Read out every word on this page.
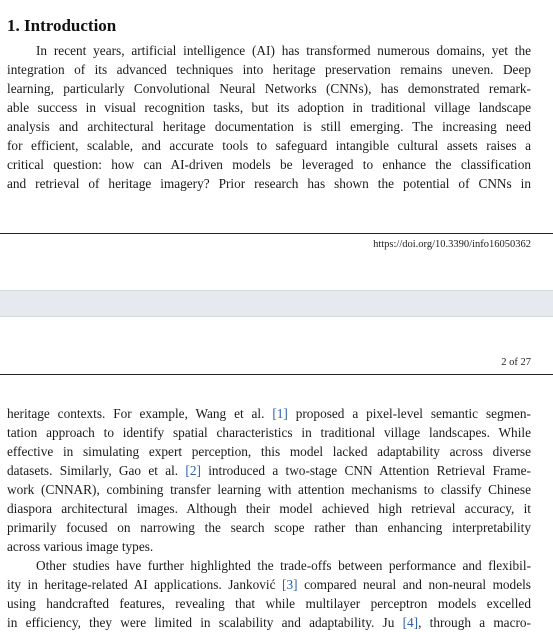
1. Introduction

In recent years, artificial intelligence (AI) has transformed numerous domains, yet the
integration of its advanced techniques into heritage preservation remains uneven. Deep
learning, particularly Convolutional Neural Networks (CNNs), has demonstrated remark-
able success in visual recognition tasks, but its adoption in traditional village landscape
analysis and architectural heritage documentation is still emerging. The increasing need
for efficient, scalable, and accurate tools to safeguard intangible cultural assets raises a
critical question: how can AI-driven models be leveraged to enhance the classification
and retrieval of heritage imagery? Prior research has shown the potential of CNNs in

https://doi.org/10.3390/info16050362
2 of 27

heritage contexts. For example, Wang et al. [1] proposed a pixel-level semantic segmen-
tation approach to identify spatial characteristics in traditional village landscapes. While
effective in simulating expert perception, this model lacked adaptability across diverse
datasets. Similarly, Gao et al. [2] introduced a two-stage CNN Attention Retrieval Frame-
work (CNNAR), combining transfer learning with attention mechanisms to classify Chinese
diaspora architectural images. Although their model achieved high retrieval accuracy, it
primarily focused on narrowing the search scope rather than enhancing interpretability
across various image types.

Other studies have further highlighted the trade-offs between performance and flexibil-
ity in heritage-related AI applications. Janković [3] compared neural and non-neural models
using handcrafted features, revealing that while multilayer perceptron models excelled
in efficiency, they were limited in scalability and adaptability. Ju [4], through a macro-
